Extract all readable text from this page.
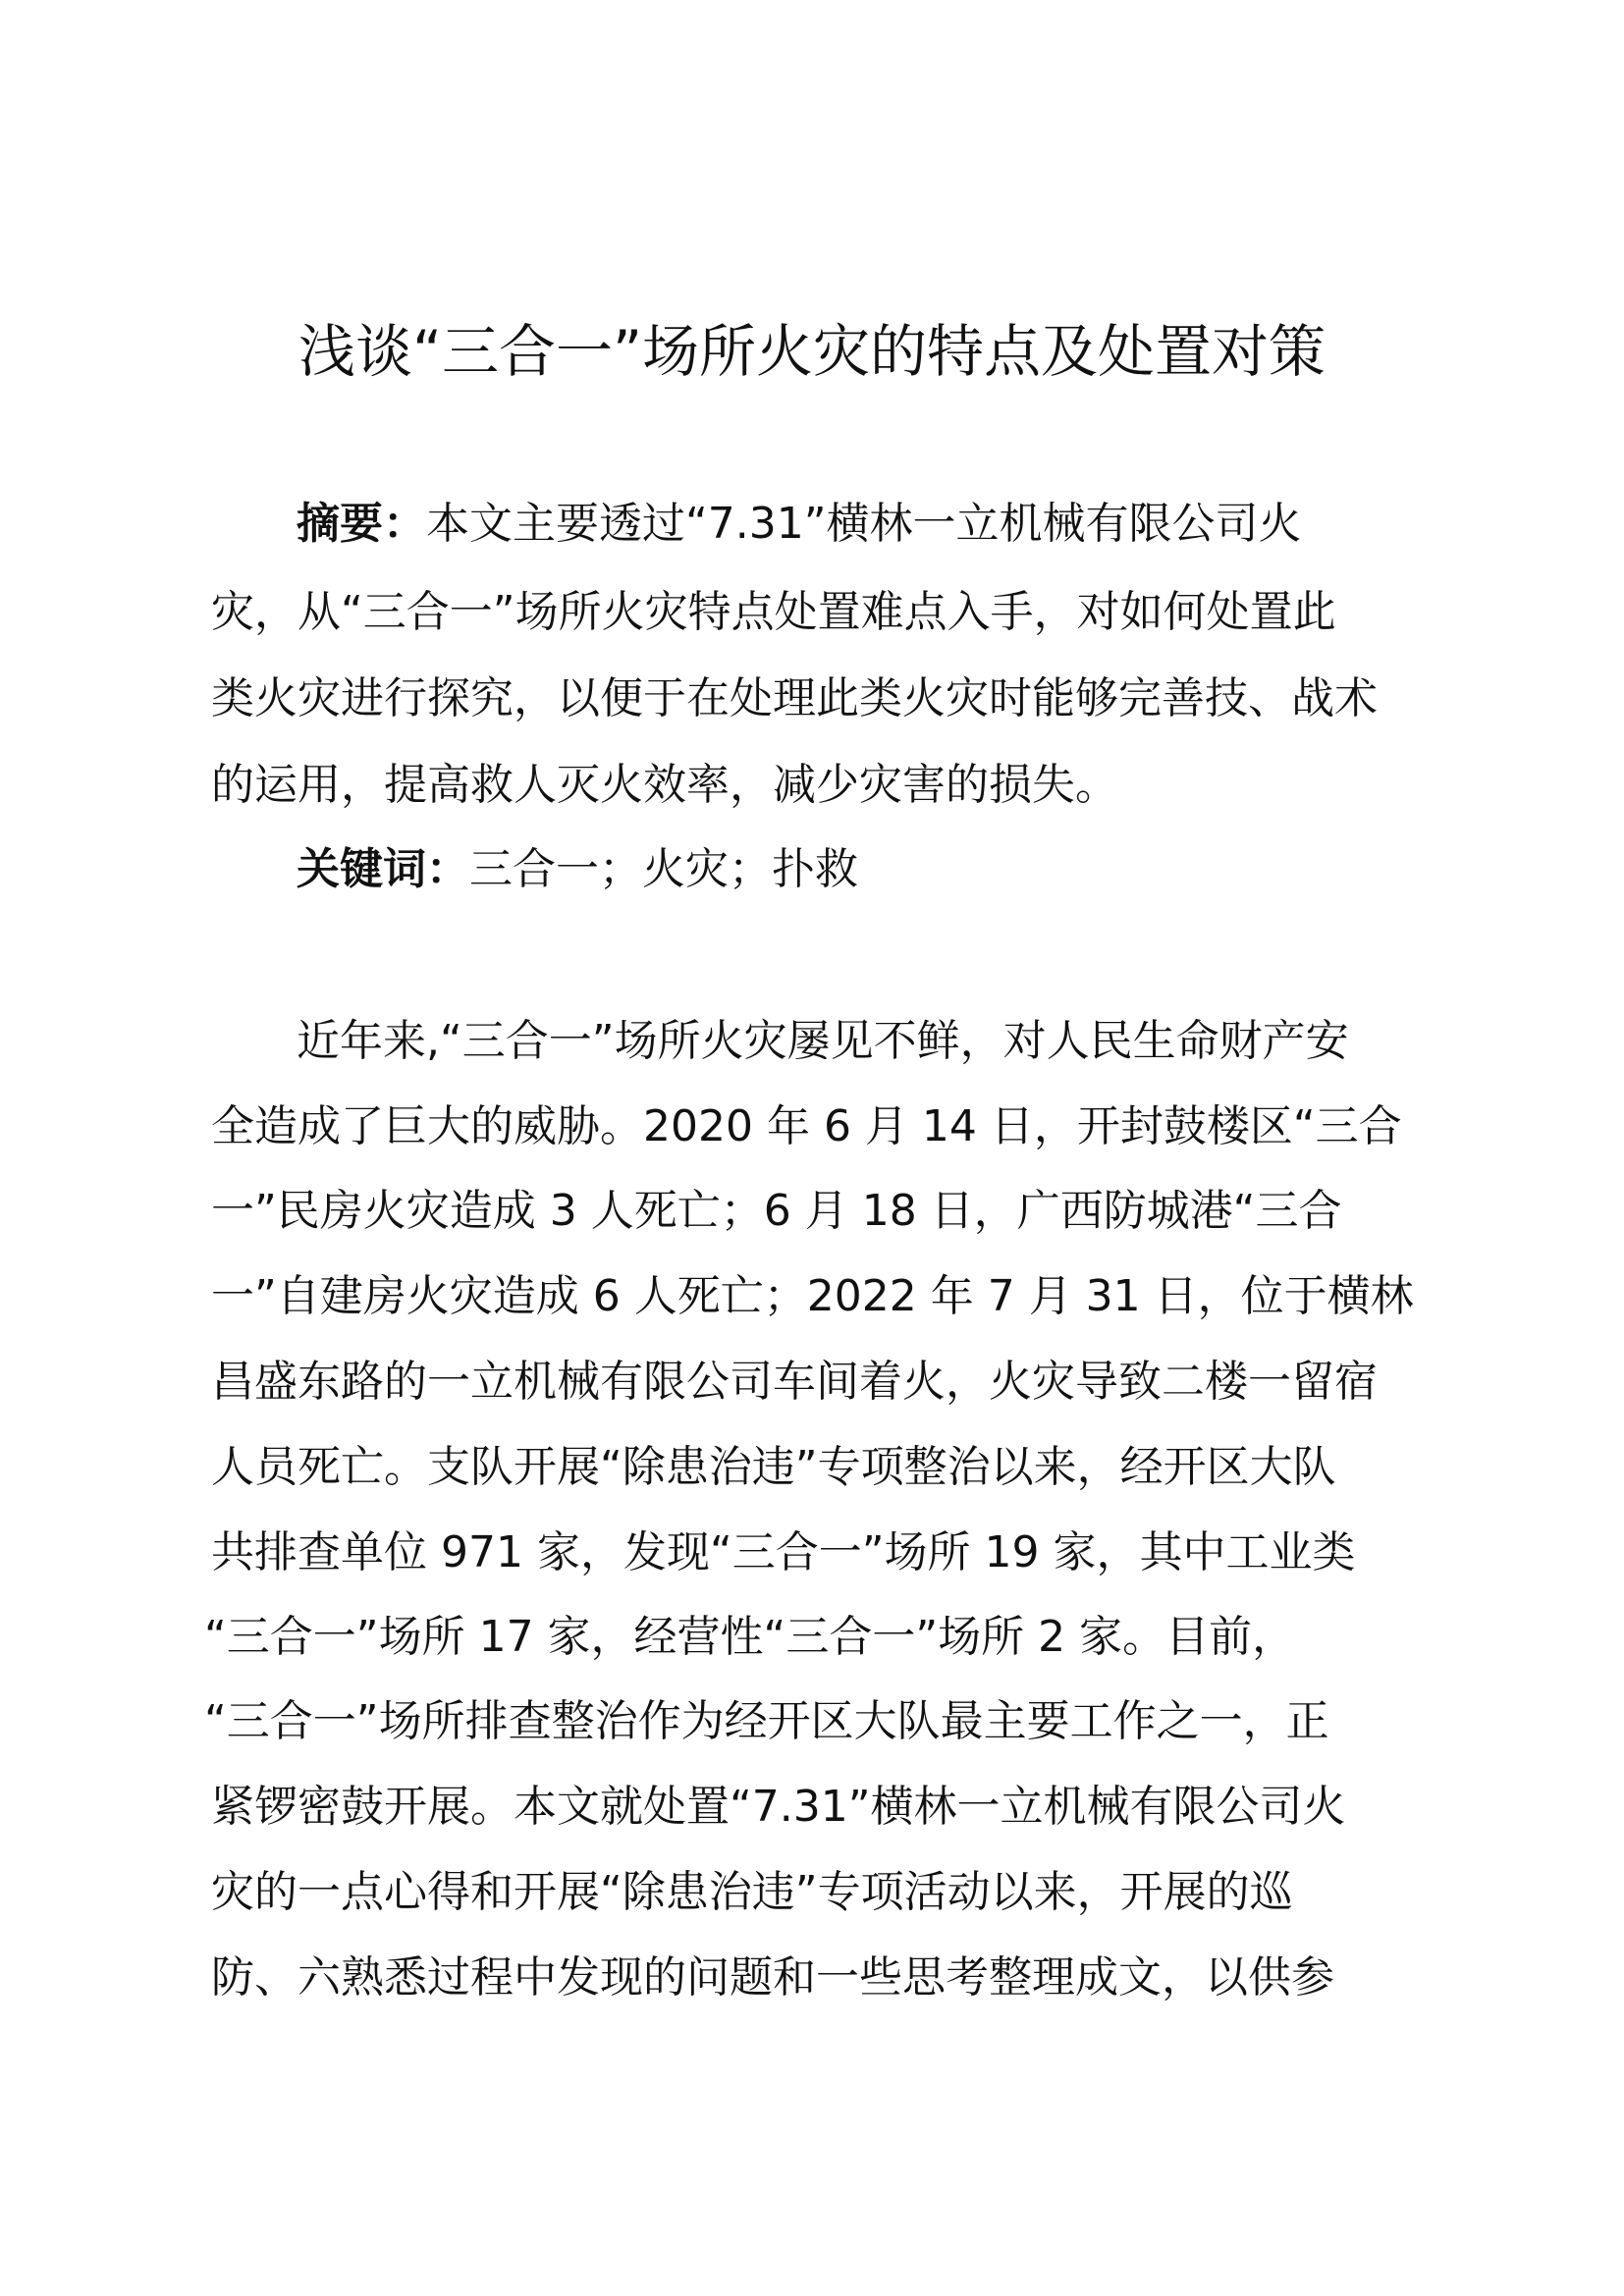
浅谈“三合一”场所火灾的特点及处置对策
摘要：本文主要透过“7.31”横林一立机械有限公司火
灾，从“三合一”场所火灾特点处置难点入手，对如何处置此
类火灾进行探究，以便于在处理此类火灾时能够完善技、战术
的运用，提高救人灭火效率，减少灾害的损失。
关键词：三合一；火灾；扑救
近年来,“三合一”场所火灾屡见不鲜，对人民生命财产安
全造成了巨大的威胁。2020 年 6 月 14 日，开封鼓楼区“三合
一”民房火灾造成 3 人死亡；6 月 18 日，广西防城港“三合
一”自建房火灾造成 6 人死亡；2022 年 7 月 31 日，位于横林
昌盛东路的一立机械有限公司车间着火，火灾导致二楼一留宿
人员死亡。支队开展“除患治违”专项整治以来，经开区大队
共排查单位 971 家，发现“三合一”场所 19 家，其中工业类
“三合一”场所 17 家，经营性“三合一”场所 2 家。目前，
“三合一”场所排查整治作为经开区大队最主要工作之一，正
紧锣密鼓开展。本文就处置“7.31”横林一立机械有限公司火
灾的一点心得和开展“除患治违”专项活动以来，开展的巡
防、六熟悉过程中发现的问题和一些思考整理成文，以供参
